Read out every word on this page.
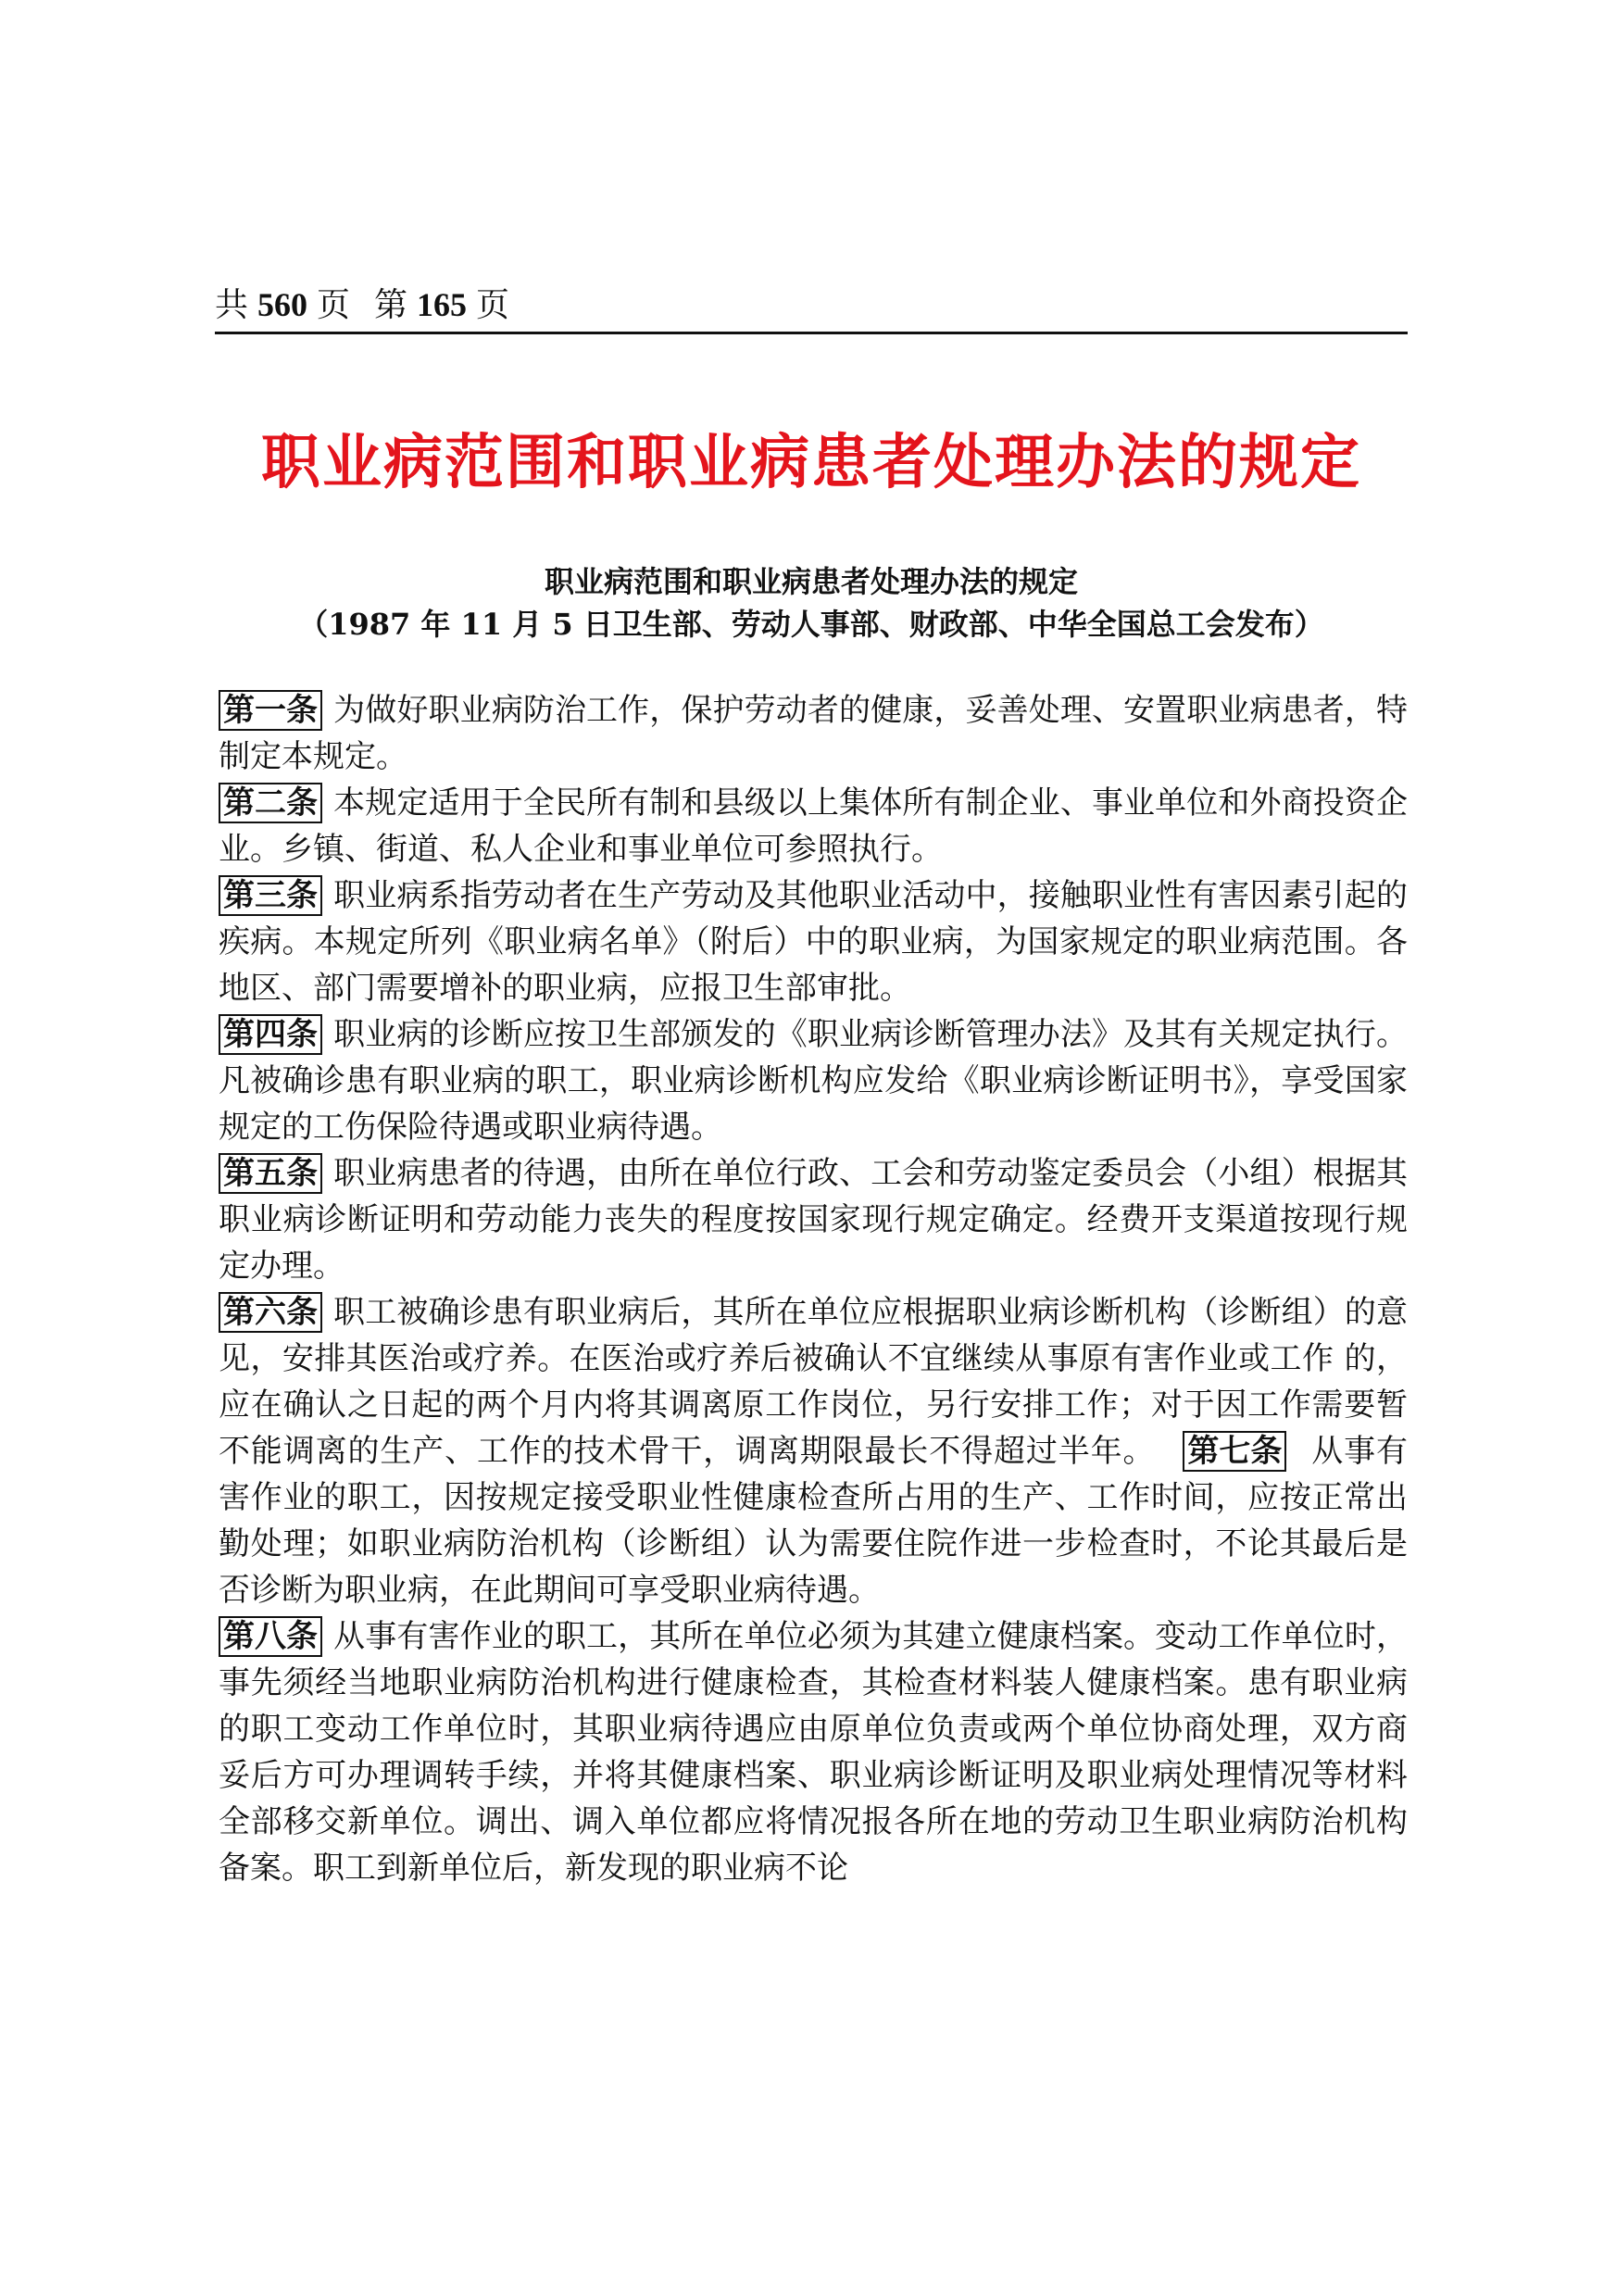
共 560 页 第 165 页
职业病范围和职业病患者处理办法的规定
职业病范围和职业病患者处理办法的规定
（1987 年 11 月 5 日卫生部、劳动人事部、财政部、中华全国总工会发布）

第一条 为做好职业病防治工作，保护劳动者的健康，妥善处理、安置职业病患者，特制定本规定。

第二条 本规定适用于全民所有制和县级以上集体所有制企业、事业单位和外商投资企业。乡镇、街道、私人企业和事业单位可参照执行。

第三条 职业病系指劳动者在生产劳动及其他职业活动中，接触职业性有害因素引起的疾病。本规定所列《职业病名单》（附后）中的职业病，为国家规定的职业病范围。各地区、部门需要增补的职业病，应报卫生部审批。

第四条 职业病的诊断应按卫生部颁发的《职业病诊断管理办法》及其有关规定执行。凡被确诊患有职业病的职工，职业病诊断机构应发给《职业病诊断证明书》，享受国家规定的工伤保险待遇或职业病待遇。

第五条 职业病患者的待遇，由所在单位行政、工会和劳动鉴定委员会（小组）根据其职业病诊断证明和劳动能力丧失的程度按国家现行规定确定。经费开支渠道按现行规定办理。

第六条 职工被确诊患有职业病后，其所在单位应根据职业病诊断机构（诊断组）的意见，安排其医治或疗养。在医治或疗养后被确认不宜继续从事原有害作业或工作 的，应在确认之日起的两个月内将其调离原工作岗位，另行安排工作；对于因工作需要暂不能调离的生产、工作的技术骨干，调离期限最长不得超过半年。 第七条 从事有害作业的职工，因按规定接受职业性健康检查所占用的生产、工作时间，应按正常出勤处理；如职业病防治机构（诊断组）认为需要住院作进一步检查时，不论其最后是否诊断为职业病，在此期间可享受职业病待遇。

第八条 从事有害作业的职工，其所在单位必须为其建立健康档案。变动工作单位时，事先须经当地职业病防治机构进行健康检查，其检查材料装人健康档案。患有职业病的职工变动工作单位时，其职业病待遇应由原单位负责或两个单位协商处理，双方商妥后方可办理调转手续，并将其健康档案、职业病诊断证明及职业病处理情况等材料全部移交新单位。调出、调入单位都应将情况报各所在地的劳动卫生职业病防治机构备案。职工到新单位后，新发现的职业病不论
